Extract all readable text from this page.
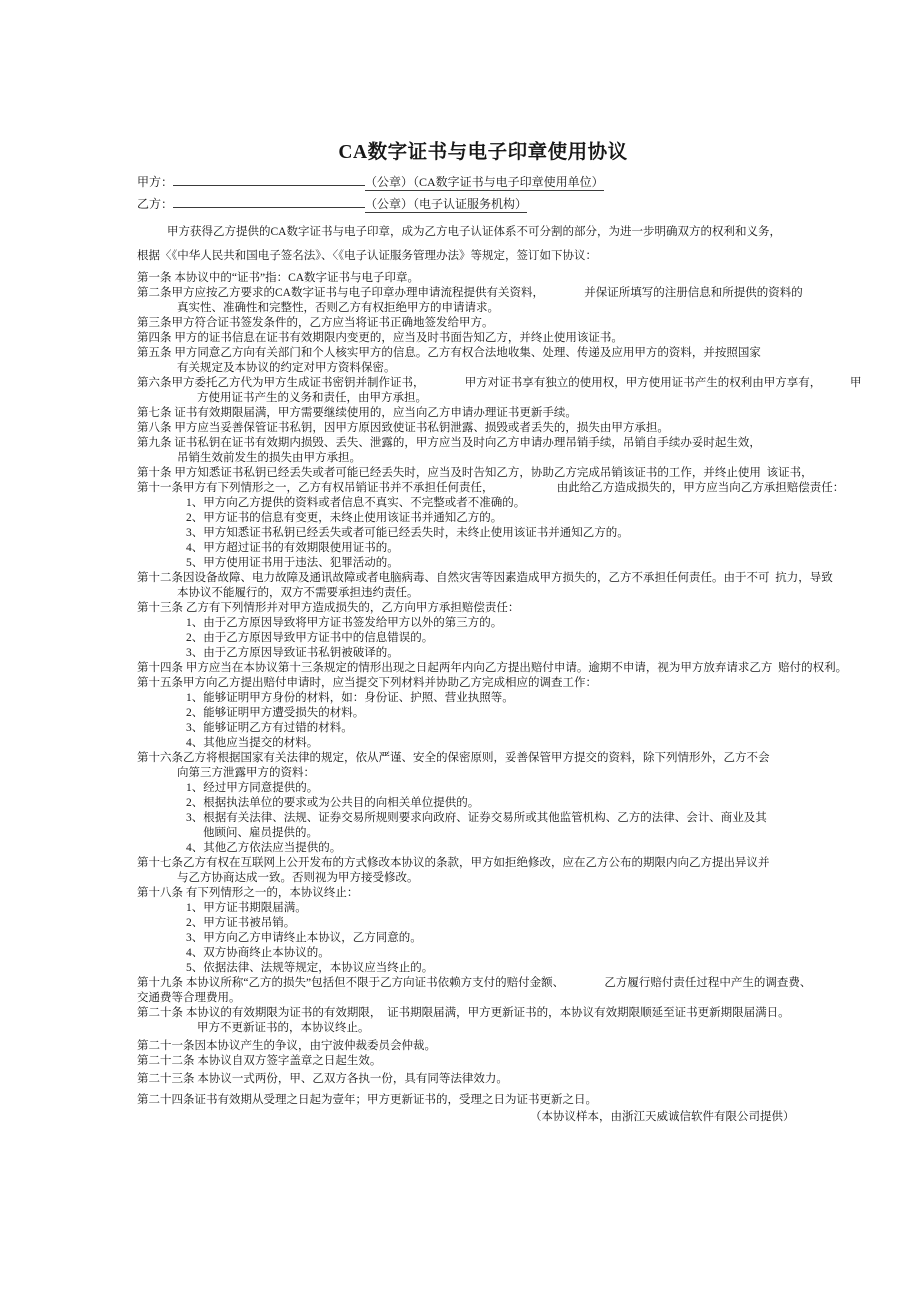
CA数字证书与电子印章使用协议
甲方：	（公章）（CA数字证书与电子印章使用单位）
乙方：	（公章）（电子认证服务机构）
甲方获得乙方提供的CA数字证书与电子印章，成为乙方电子认证体系不可分割的部分，为进一步明确双方的权利和义务，
根据〈《中华人民共和国电子签名法》、〈《电子认证服务管理办法》等规定，签订如下协议：
第一条 本协议中的“证书”指：CA数字证书与电子印章。
第二条甲方应按乙方要求的CA数字证书与电子印章办理申请流程提供有关资料，　　　　并保证所填写的注册信息和所提供的资料的
真实性、准确性和完整性，否则乙方有权拒绝甲方的申请请求。
第三条甲方符合证书签发条件的，乙方应当将证书正确地签发给甲方。
第四条 甲方的证书信息在证书有效期限内变更的，应当及时书面告知乙方，并终止使用该证书。
第五条 甲方同意乙方向有关部门和个人核实甲方的信息。乙方有权合法地收集、处理、传递及应用甲方的资料，并按照国家
有关规定及本协议的约定对甲方资料保密。
第六条甲方委托乙方代为甲方生成证书密钥并制作证书，　　　　甲方对证书享有独立的使用权，甲方使用证书产生的权利由甲方享有，　　　甲
方使用证书产生的义务和责任，由甲方承担。
第七条 证书有效期限届满，甲方需要继续使用的，应当向乙方申请办理证书更新手续。
第八条 甲方应当妥善保管证书私钥，因甲方原因致使证书私钥泄露、损毁或者丢失的，损失由甲方承担。
第九条 证书私钥在证书有效期内损毁、丢失、泄露的，甲方应当及时向乙方申请办理吊销手续，吊销自手续办妥时起生效，
吊销生效前发生的损失由甲方承担。
第十条 甲方知悉证书私钥已经丢失或者可能已经丢失时，应当及时告知乙方，协助乙方完成吊销该证书的工作，并终止使用  该证书，
第十一条甲方有下列情形之一，乙方有权吊销证书并不承担任何责任，　　　　　　由此给乙方造成损失的，甲方应当向乙方承担赔偿责任：
1、甲方向乙方提供的资料或者信息不真实、不完整或者不准确的。
2、甲方证书的信息有变更，未终止使用该证书并通知乙方的。
3、甲方知悉证书私钥已经丢失或者可能已经丢失时，未终止使用该证书并通知乙方的。
4、甲方超过证书的有效期限使用证书的。
5、甲方使用证书用于违法、犯罪活动的。
第十二条因设备故障、电力故障及通讯故障或者电脑病毒、自然灾害等因素造成甲方损失的，乙方不承担任何责任。由于不可  抗力，导致
本协议不能履行的，双方不需要承担违约责任。
第十三条 乙方有下列情形并对甲方造成损失的，乙方向甲方承担赔偿责任：
1、由于乙方原因导致将甲方证书签发给甲方以外的第三方的。
2、由于乙方原因导致甲方证书中的信息错误的。
3、由于乙方原因导致证书私钥被破译的。
第十四条 甲方应当在本协议第十三条规定的情形出现之日起两年内向乙方提出赔付申请。逾期不申请，视为甲方放弃请求乙方  赔付的权利。
第十五条甲方向乙方提出赔付申请时，应当提交下列材料并协助乙方完成相应的调查工作：
1、能够证明甲方身份的材料，如：身份证、护照、营业执照等。
2、能够证明甲方遭受损失的材料。
3、能够证明乙方有过错的材料。
4、其他应当提交的材料。
第十六条乙方将根据国家有关法律的规定，依从严谨、安全的保密原则，妥善保管甲方提交的资料，除下列情形外，乙方不会
向第三方泄露甲方的资料：
1、经过甲方同意提供的。
2、根据执法单位的要求或为公共目的向相关单位提供的。
3、根据有关法律、法规、证券交易所规则要求向政府、证券交易所或其他监管机构、乙方的法律、会计、商业及其
他顾问、雇员提供的。
4、其他乙方依法应当提供的。
第十七条乙方有权在互联网上公开发布的方式修改本协议的条款，甲方如拒绝修改，应在乙方公布的期限内向乙方提出异议并
与乙方协商达成一致。否则视为甲方接受修改。
第十八条 有下列情形之一的，本协议终止：
1、甲方证书期限届满。
2、甲方证书被吊销。
3、甲方向乙方申请终止本协议，乙方同意的。
4、双方协商终止本协议的。
5、依据法律、法规等规定，本协议应当终止的。
第十九条 本协议所称“乙方的损失”包括但不限于乙方向证书依赖方支付的赔付金额、　　　　乙方履行赔付责任过程中产生的调查费、
交通费等合理费用。
第二十条 本协议的有效期限为证书的有效期限，　证书期限届满，甲方更新证书的，本协议有效期限顺延至证书更新期限届满日。
甲方不更新证书的，本协议终止。
第二十一条因本协议产生的争议，由宁波仲裁委员会仲裁。
第二十二条 本协议自双方签字盖章之日起生效。
第二十三条 本协议一式两份，甲、乙双方各执一份，具有同等法律效力。
第二十四条证书有效期从受理之日起为壹年；甲方更新证书的，受理之日为证书更新之日。
（本协议样本，由浙江天威诚信软件有限公司提供）
